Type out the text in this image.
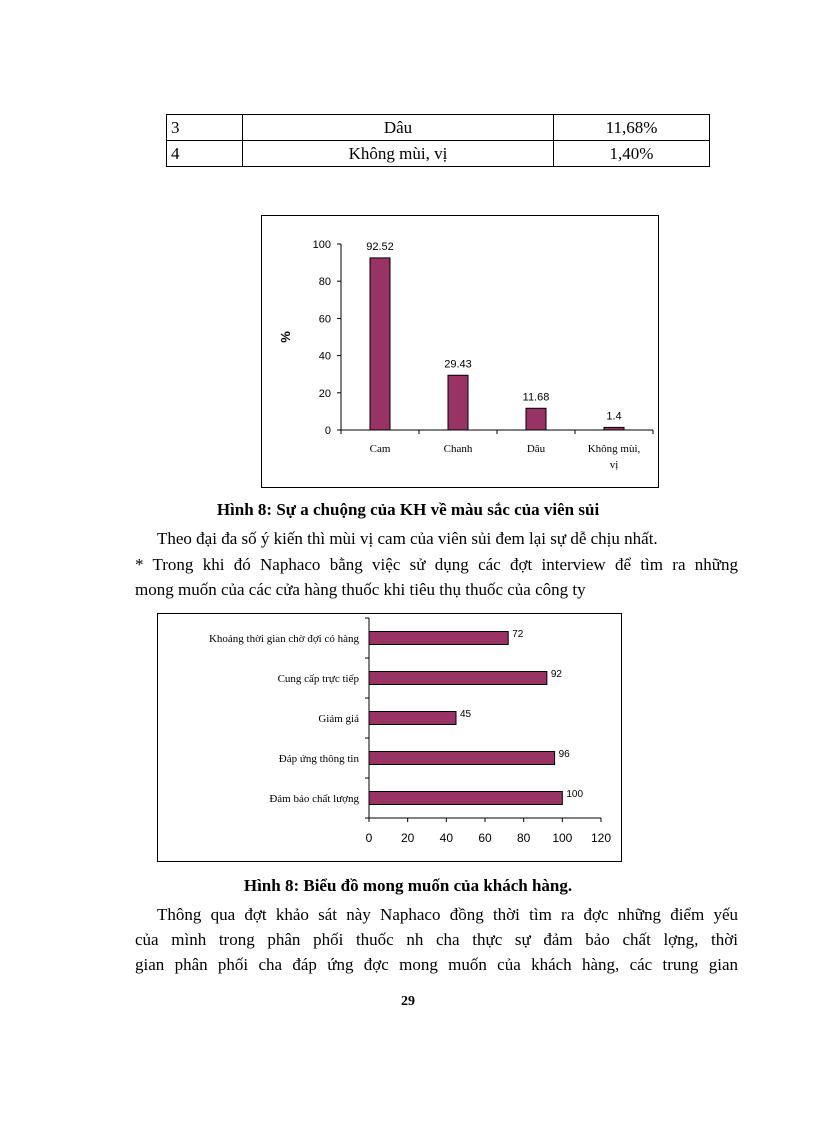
3	Dâu	11,68%
4	Không mùi, vị	1,40%
0
20
40
60
80
100
%
92.52
Cam
29.43
Chanh
11.68
Dâu
1.4
Không mùi,
vị
Hình 8: Sự a chuộng của KH về màu sắc của viên sủi
Theo đại đa số ý kiến thì mùi vị cam của viên sủi đem lại sự dễ chịu nhất.
* Trong khi đó Naphaco bằng việc sử dụng các đợt interview để tìm ra những
mong muốn của các cửa hàng thuốc khi tiêu thụ thuốc của công ty
0 20 40 60 80 100 120
72
Khoảng thời gian chờ đợi có hàng
92
Cung cấp trực tiếp
45
Giảm giá
96
Đáp ứng thông tin
100
Đảm bảo chất lượng
Hình 8: Biểu đồ mong muốn của khách hàng.
Thông qua đợt khảo sát này Naphaco đồng thời tìm ra đợc những điểm yếu
của mình trong phân phối thuốc nh cha thực sự đảm bảo chất lợng, thời
gian phân phối cha đáp ứng đợc mong muốn của khách hàng, các trung gian
29
